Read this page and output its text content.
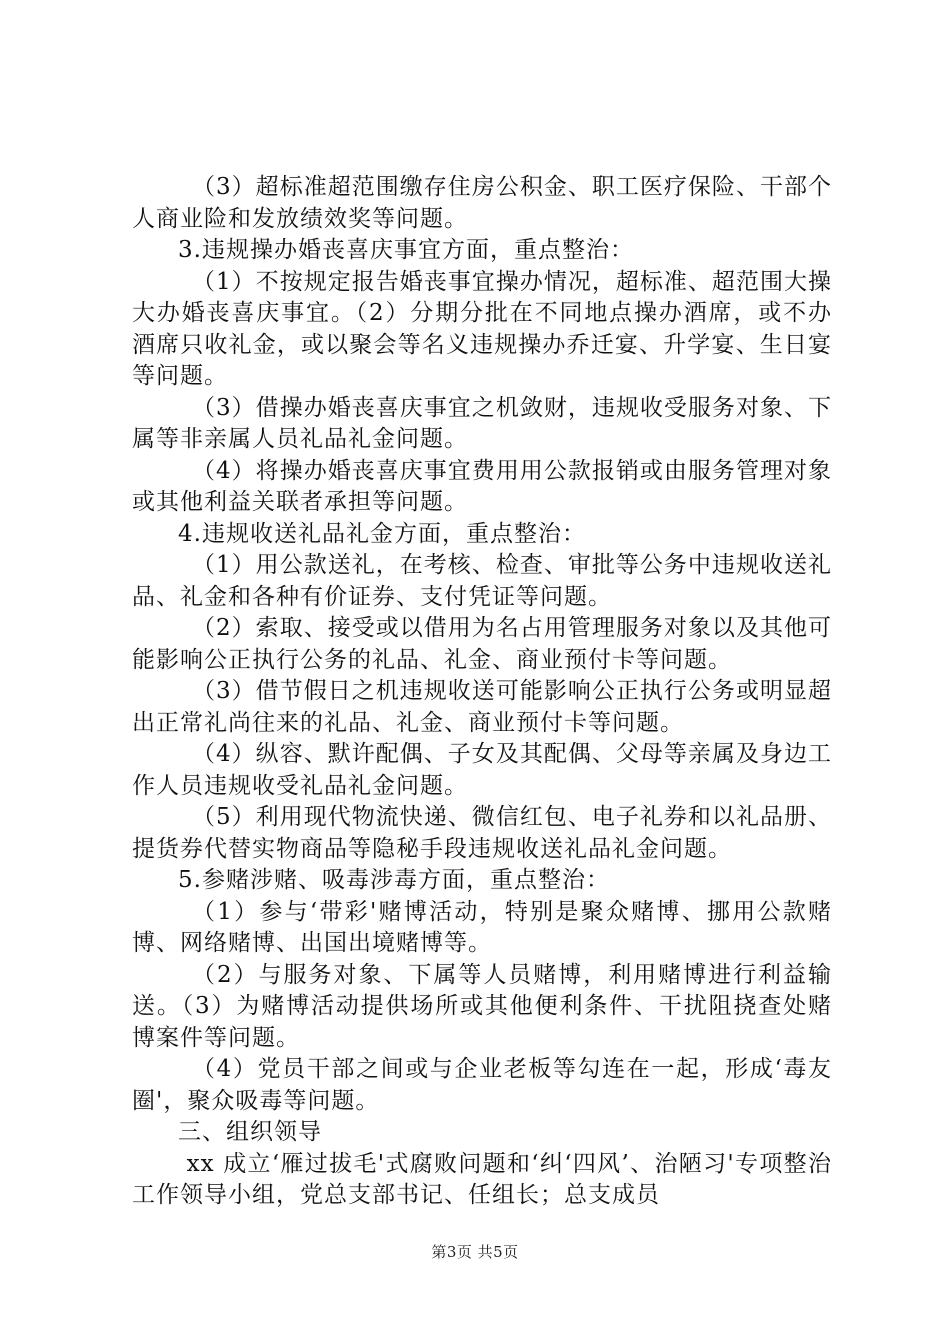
（3）超标准超范围缴存住房公积金、职工医疗保险、干部个人商业险和发放绩效奖等问题。

3.违规操办婚丧喜庆事宜方面，重点整治：

（1）不按规定报告婚丧事宜操办情况，超标准、超范围大操大办婚丧喜庆事宜。（2）分期分批在不同地点操办酒席，或不办酒席只收礼金，或以聚会等名义违规操办乔迁宴、升学宴、生日宴等问题。

（3）借操办婚丧喜庆事宜之机敛财，违规收受服务对象、下属等非亲属人员礼品礼金问题。

（4）将操办婚丧喜庆事宜费用用公款报销或由服务管理对象或其他利益关联者承担等问题。

4.违规收送礼品礼金方面，重点整治：

（1）用公款送礼，在考核、检查、审批等公务中违规收送礼品、礼金和各种有价证券、支付凭证等问题。

（2）索取、接受或以借用为名占用管理服务对象以及其他可能影响公正执行公务的礼品、礼金、商业预付卡等问题。

（3）借节假日之机违规收送可能影响公正执行公务或明显超出正常礼尚往来的礼品、礼金、商业预付卡等问题。

（4）纵容、默许配偶、子女及其配偶、父母等亲属及身边工作人员违规收受礼品礼金问题。

（5）利用现代物流快递、微信红包、电子礼券和以礼品册、提货券代替实物商品等隐秘手段违规收送礼品礼金问题。

5.参赌涉赌、吸毒涉毒方面，重点整治：

（1）参与‘带彩'赌博活动，特别是聚众赌博、挪用公款赌博、网络赌博、出国出境赌博等。

（2）与服务对象、下属等人员赌博，利用赌博进行利益输送。（3）为赌博活动提供场所或其他便利条件、干扰阻挠查处赌博案件等问题。

（4）党员干部之间或与企业老板等勾连在一起，形成‘毒友圈'，聚众吸毒等问题。

三、组织领导

xx 成立‘雁过拔毛'式腐败问题和‘纠‘四风’、治陋习'专项整治工作领导小组，党总支部书记、任组长；总支成员

第3页 共5页
